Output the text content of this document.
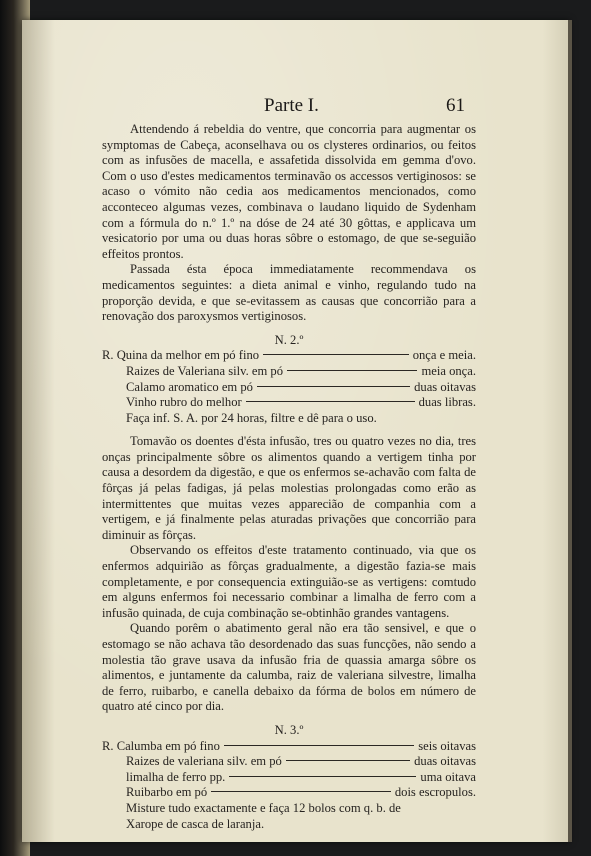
Parte I.	61

Attendendo á rebeldia do ventre, que concorria para augmentar os symptomas de Cabeça, aconselhava ou os clysteres ordinarios, ou feitos com as infusões de macella, e assafetida dissolvida em gemma d'ovo. Com o uso d'estes medicamentos terminavão os accessos vertiginosos: se acaso o vómito não cedia aos medicamentos mencionados, como acconteceo algumas vezes, combinava o laudano liquido de Sydenham com a fórmula do n.º 1.º na dóse de 24 até 30 gôttas, e applicava um vesicatorio por uma ou duas horas sôbre o estomago, de que se-seguião effeitos prontos.

Passada ésta época immediatamente recommendava os medicamentos seguintes: a dieta animal e vinho, regulando tudo na proporção devida, e que se-evitassem as causas que concorrião para a renovação dos paroxysmos vertiginosos.

N. 2.º

R. Quina da melhor em pó fino	onça e meia.
Raizes de Valeriana silv. em pó	meia onça.
Calamo aromatico em pó	duas oitavas
Vinho rubro do melhor	duas libras.

Faça inf. S. A. por 24 horas, filtre e dê para o uso.

Tomavão os doentes d'ésta infusão, tres ou quatro vezes no dia, tres onças principalmente sôbre os alimentos quando a vertigem tinha por causa a desordem da digestão, e que os enfermos se-achavão com falta de fôrças já pelas fadigas, já pelas molestias prolongadas como erão as intermittentes que muitas vezes apparecião de companhia com a vertigem, e já finalmente pelas aturadas privações que concorrião para diminuir as fôrças.

Observando os effeitos d'este tratamento continuado, via que os enfermos adquirião as fôrças gradualmente, a digestão fazia-se mais completamente, e por consequencia extinguião-se as vertigens: comtudo em alguns enfermos foi necessario combinar a limalha de ferro com a infusão quinada, de cuja combinação se-obtinhão grandes vantagens.

Quando porêm o abatimento geral não era tão sensivel, e que o estomago se não achava tão desordenado das suas funcções, não sendo a molestia tão grave usava da infusão fria de quassia amarga sôbre os alimentos, e juntamente da calumba, raiz de valeriana silvestre, limalha de ferro, ruibarbo, e canella debaixo da fórma de bolos em número de quatro até cinco por dia.

N. 3.º

R. Calumba em pó fino	seis oitavas
Raizes de valeriana silv. em pó	duas oitavas
limalha de ferro pp.	uma oitava
Ruibarbo em pó	dois escropulos.

Misture tudo exactamente e faça 12 bolos com q. b. de

Xarope de casca de laranja.
